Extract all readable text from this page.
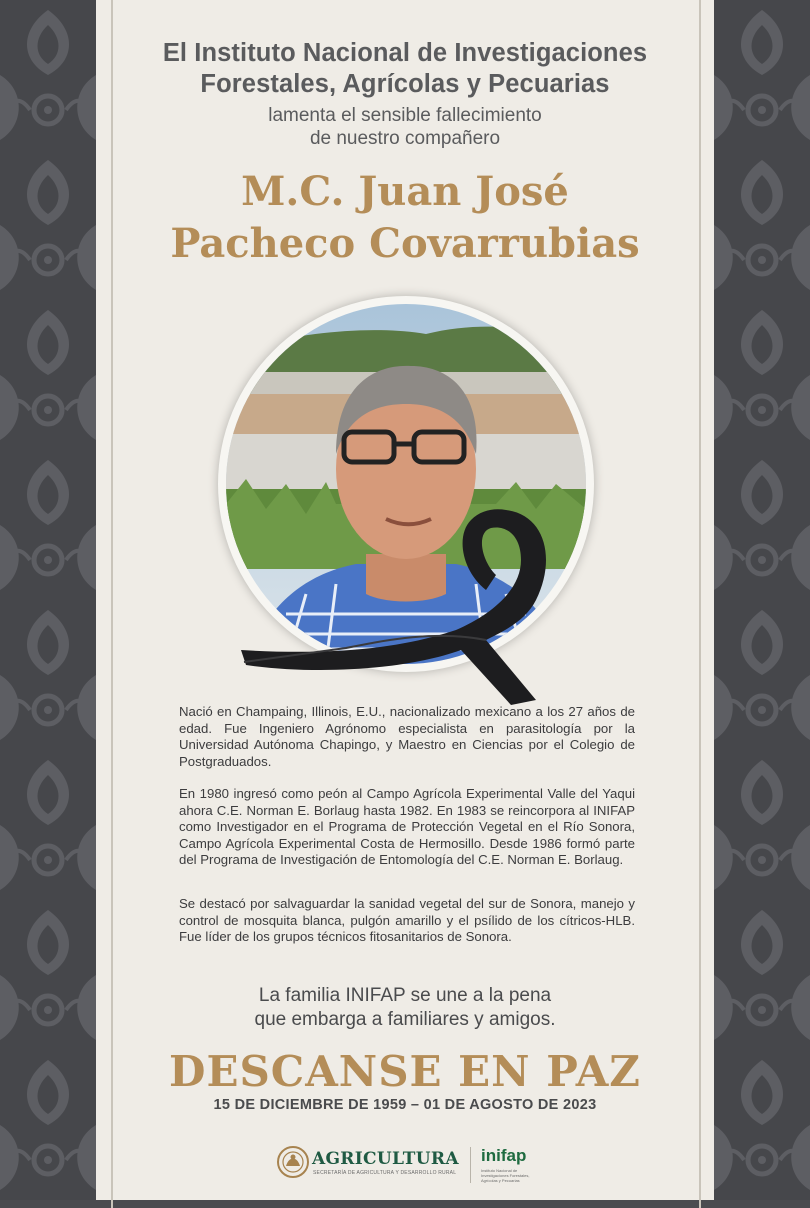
El Instituto Nacional de Investigaciones
Forestales, Agrícolas y Pecuarias
lamenta el sensible fallecimiento
de nuestro compañero
M.C. Juan José
Pacheco Covarrubias

Nació en Champaing, Illinois, E.U., nacionalizado mexicano a los 27 años de edad. Fue Ingeniero Agrónomo especialista en parasitología por la Universidad Autónoma Chapingo, y Maestro en Ciencias por el Colegio de Postgraduados.

En 1980 ingresó como peón al Campo Agrícola Experimental Valle del Yaqui ahora C.E. Norman E. Borlaug hasta 1982. En 1983 se reincorpora al INIFAP como Investigador en el Programa de Protección Vegetal en el Río Sonora, Campo Agrícola Experimental Costa de Hermosillo. Desde 1986 formó parte del Programa de Investigación de Entomología del C.E. Norman E. Borlaug.

Se destacó por salvaguardar la sanidad vegetal del sur de Sonora, manejo y control de mosquita blanca, pulgón amarillo y el psílido de los cítricos-HLB. Fue líder de los grupos técnicos fitosanitarios de Sonora.

La familia INIFAP se une a la pena
que embarga a familiares y amigos.
DESCANSE EN PAZ
15 DE DICIEMBRE DE 1959 – 01 DE AGOSTO DE 2023
AGRICULTURA
SECRETARÍA DE AGRICULTURA Y DESARROLLO RURAL
inifap
Instituto Nacional de Investigaciones Forestales, Agrícolas y Pecuarias
